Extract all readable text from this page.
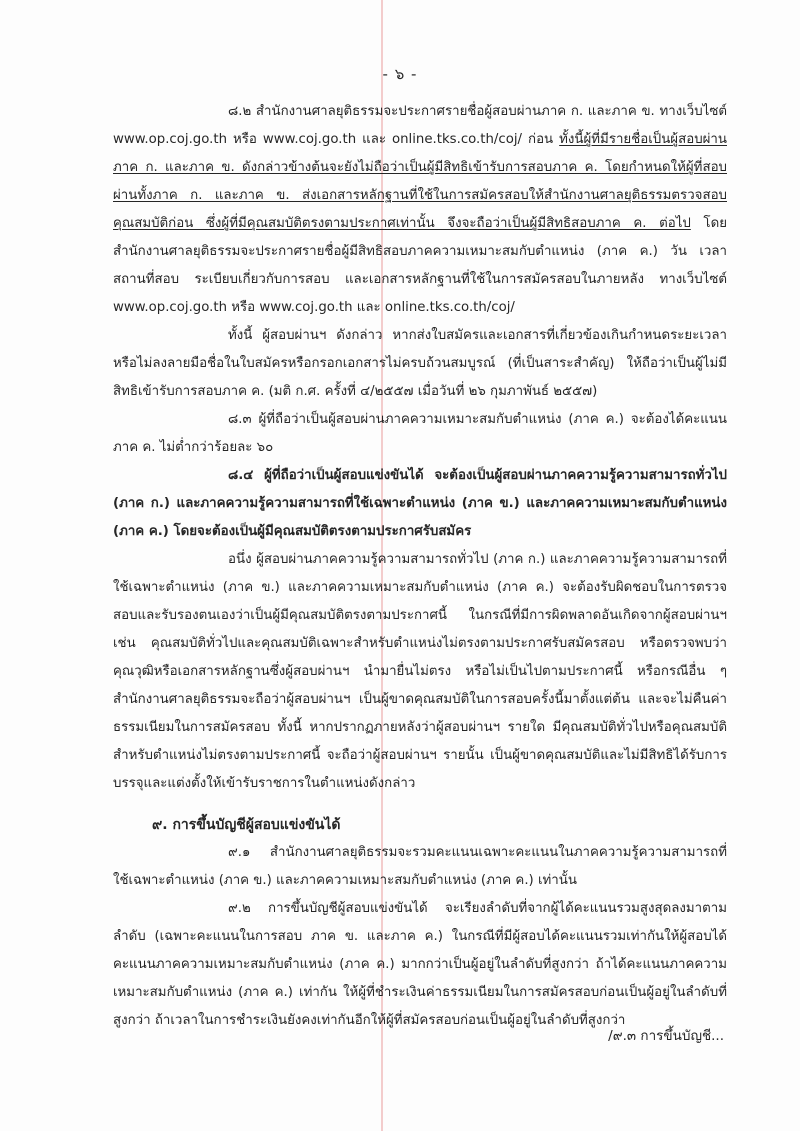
- ๖ -

๘.๒ สำนักงานศาลยุติธรรมจะประกาศรายชื่อผู้สอบผ่านภาค ก. และภาค ข. ทางเว็บไซต์ www.op.coj.go.th หรือ www.coj.go.th และ online.tks.co.th/coj/ ก่อน ทั้งนี้ผู้ที่มีรายชื่อเป็นผู้สอบผ่านภาค ก. และภาค ข. ดังกล่าวข้างต้นจะยังไม่ถือว่าเป็นผู้มีสิทธิเข้ารับการสอบภาค ค. โดยกำหนดให้ผู้ที่สอบผ่านทั้งภาค ก. และภาค ข. ส่งเอกสารหลักฐานที่ใช้ในการสมัครสอบให้สำนักงานศาลยุติธรรมตรวจสอบคุณสมบัติก่อน ซึ่งผู้ที่มีคุณสมบัติตรงตามประกาศเท่านั้น จึงจะถือว่าเป็นผู้มีสิทธิสอบภาค ค. ต่อไป โดยสำนักงานศาลยุติธรรมจะประกาศรายชื่อผู้มีสิทธิสอบภาคความเหมาะสมกับตำแหน่ง (ภาค ค.) วัน เวลา สถานที่สอบ ระเบียบเกี่ยวกับการสอบ และเอกสารหลักฐานที่ใช้ในการสมัครสอบในภายหลัง ทางเว็บไซต์ www.op.coj.go.th หรือ www.coj.go.th และ online.tks.co.th/coj/

ทั้งนี้ ผู้สอบผ่านฯ ดังกล่าว หากส่งใบสมัครและเอกสารที่เกี่ยวข้องเกินกำหนดระยะเวลา หรือไม่ลงลายมือชื่อในใบสมัครหรือกรอกเอกสารไม่ครบถ้วนสมบูรณ์ (ที่เป็นสาระสำคัญ) ให้ถือว่าเป็นผู้ไม่มีสิทธิเข้ารับการสอบภาค ค. (มติ ก.ศ. ครั้งที่ ๔/๒๕๕๗ เมื่อวันที่ ๒๖ กุมภาพันธ์ ๒๕๕๗)

๘.๓ ผู้ที่ถือว่าเป็นผู้สอบผ่านภาคความเหมาะสมกับตำแหน่ง (ภาค ค.) จะต้องได้คะแนนภาค ค. ไม่ต่ำกว่าร้อยละ ๖๐

๘.๔ ผู้ที่ถือว่าเป็นผู้สอบแข่งขันได้ จะต้องเป็นผู้สอบผ่านภาคความรู้ความสามารถทั่วไป (ภาค ก.) และภาคความรู้ความสามารถที่ใช้เฉพาะตำแหน่ง (ภาค ข.) และภาคความเหมาะสมกับตำแหน่ง (ภาค ค.) โดยจะต้องเป็นผู้มีคุณสมบัติตรงตามประกาศรับสมัคร

อนึ่ง ผู้สอบผ่านภาคความรู้ความสามารถทั่วไป (ภาค ก.) และภาคความรู้ความสามารถที่ใช้เฉพาะตำแหน่ง (ภาค ข.) และภาคความเหมาะสมกับตำแหน่ง (ภาค ค.) จะต้องรับผิดชอบในการตรวจสอบและรับรองตนเองว่าเป็นผู้มีคุณสมบัติตรงตามประกาศนี้ ในกรณีที่มีการผิดพลาดอันเกิดจากผู้สอบผ่านฯ เช่น คุณสมบัติทั่วไปและคุณสมบัติเฉพาะสำหรับตำแหน่งไม่ตรงตามประกาศรับสมัครสอบ หรือตรวจพบว่าคุณวุฒิหรือเอกสารหลักฐานซึ่งผู้สอบผ่านฯ นำมายื่นไม่ตรง หรือไม่เป็นไปตามประกาศนี้ หรือกรณีอื่น ๆ สำนักงานศาลยุติธรรมจะถือว่าผู้สอบผ่านฯ เป็นผู้ขาดคุณสมบัติในการสอบครั้งนี้มาตั้งแต่ต้น และจะไม่คืนค่าธรรมเนียมในการสมัครสอบ ทั้งนี้ หากปรากฏภายหลังว่าผู้สอบผ่านฯ รายใด มีคุณสมบัติทั่วไปหรือคุณสมบัติสำหรับตำแหน่งไม่ตรงตามประกาศนี้ จะถือว่าผู้สอบผ่านฯ รายนั้น เป็นผู้ขาดคุณสมบัติและไม่มีสิทธิได้รับการบรรจุและแต่งตั้งให้เข้ารับราชการในตำแหน่งดังกล่าว

๙. การขึ้นบัญชีผู้สอบแข่งขันได้

๙.๑ สำนักงานศาลยุติธรรมจะรวมคะแนนเฉพาะคะแนนในภาคความรู้ความสามารถที่ใช้เฉพาะตำแหน่ง (ภาค ข.) และภาคความเหมาะสมกับตำแหน่ง (ภาค ค.) เท่านั้น

๙.๒ การขึ้นบัญชีผู้สอบแข่งขันได้ จะเรียงลำดับที่จากผู้ได้คะแนนรวมสูงสุดลงมาตามลำดับ (เฉพาะคะแนนในการสอบ ภาค ข. และภาค ค.) ในกรณีที่มีผู้สอบได้คะแนนรวมเท่ากันให้ผู้สอบได้คะแนนภาคความเหมาะสมกับตำแหน่ง (ภาค ค.) มากกว่าเป็นผู้อยู่ในลำดับที่สูงกว่า ถ้าได้คะแนนภาคความเหมาะสมกับตำแหน่ง (ภาค ค.) เท่ากัน ให้ผู้ที่ชำระเงินค่าธรรมเนียมในการสมัครสอบก่อนเป็นผู้อยู่ในลำดับที่สูงกว่า ถ้าเวลาในการชำระเงินยังคงเท่ากันอีกให้ผู้ที่สมัครสอบก่อนเป็นผู้อยู่ในลำดับที่สูงกว่า

/๙.๓ การขึ้นบัญชี...
